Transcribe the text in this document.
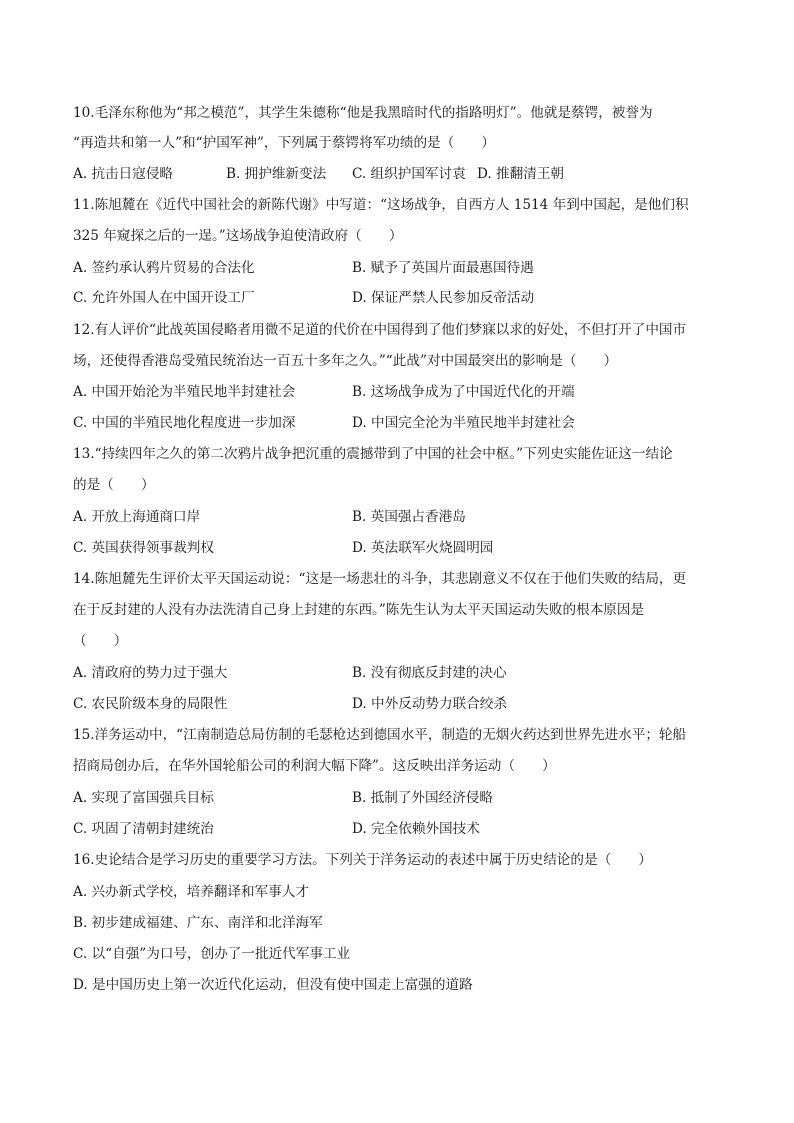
10.毛泽东称他为“邦之模范”，其学生朱德称“他是我黑暗时代的指路明灯”。他就是蔡锷，被誉为
“再造共和第一人”和“护国军神”，下列属于蔡锷将军功绩的是（　　）
A. 抗击日寇侵略	B. 拥护维新变法 C. 组织护国军讨袁 D. 推翻清王朝
11.陈旭麓在《近代中国社会的新陈代谢》中写道：“这场战争，自西方人 1514 年到中国起，是他们积
325 年窥探之后的一逞。”这场战争迫使清政府（　　）
A. 签约承认鸦片贸易的合法化	B. 赋予了英国片面最惠国待遇
C. 允许外国人在中国开设工厂	D. 保证严禁人民参加反帝活动
12.有人评价“此战英国侵略者用微不足道的代价在中国得到了他们梦寐以求的好处，不但打开了中国市
场，还使得香港岛受殖民统治达一百五十多年之久。”“此战”对中国最突出的影响是（　　）
A. 中国开始沦为半殖民地半封建社会	B. 这场战争成为了中国近代化的开端
C. 中国的半殖民地化程度进一步加深	D. 中国完全沦为半殖民地半封建社会
13.“持续四年之久的第二次鸦片战争把沉重的震撼带到了中国的社会中枢。”下列史实能佐证这一结论
的是（　　）
A. 开放上海通商口岸	B. 英国强占香港岛
C. 英国获得领事裁判权	D. 英法联军火烧圆明园
14.陈旭麓先生评价太平天国运动说：“这是一场悲壮的斗争，其悲剧意义不仅在于他们失败的结局，更
在于反封建的人没有办法洗清自己身上封建的东西。”陈先生认为太平天国运动失败的根本原因是
（　　）
A. 清政府的势力过于强大	B. 没有彻底反封建的决心
C. 农民阶级本身的局限性	D. 中外反动势力联合绞杀
15.洋务运动中，“江南制造总局仿制的毛瑟枪达到德国水平，制造的无烟火药达到世界先进水平；轮船
招商局创办后，在华外国轮船公司的利润大幅下降”。这反映出洋务运动（　　）
A. 实现了富国强兵目标	B. 抵制了外国经济侵略
C. 巩固了清朝封建统治	D. 完全依赖外国技术
16.史论结合是学习历史的重要学习方法。下列关于洋务运动的表述中属于历史结论的是（　　）
A. 兴办新式学校，培养翻译和军事人才
B. 初步建成福建、广东、南洋和北洋海军
C. 以“自强”为口号，创办了一批近代军事工业
D. 是中国历史上第一次近代化运动，但没有使中国走上富强的道路
